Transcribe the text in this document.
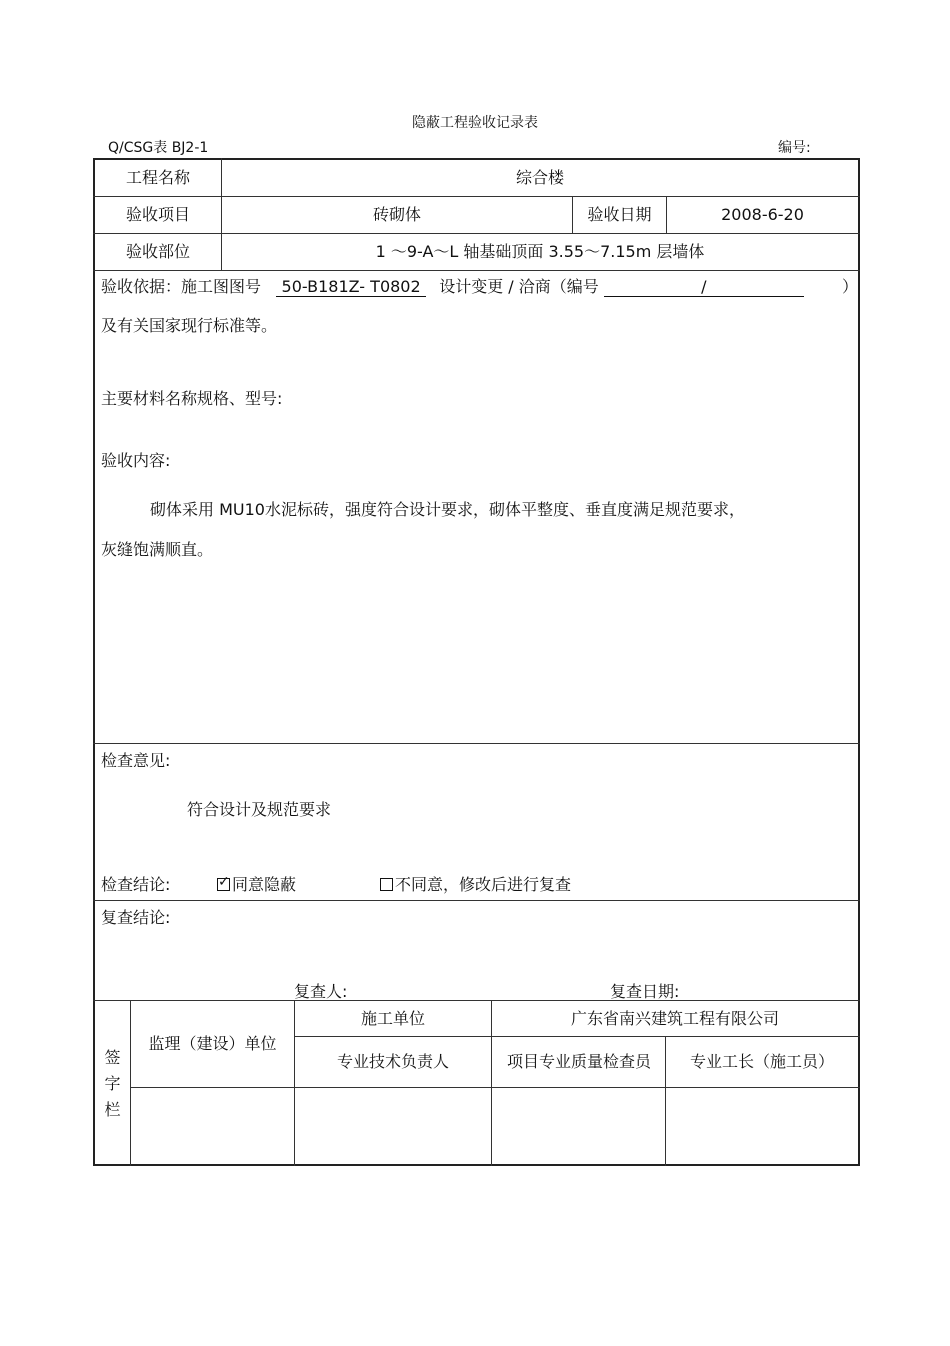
隐蔽工程验收记录表
Q/CSG表 BJ2-1	编号:
工程名称	综合楼
验收项目	砖砌体	验收日期	2008-6-20
验收部位	1 ～9-A～L 轴基础顶面 3.55～7.15m 层墙体
验收依据：施工图图号 50-B181Z- T0802 设计变更 / 洽商（编号	/	）
及有关国家现行标准等。
主要材料名称规格、型号:
验收内容:
砌体采用 MU10水泥标砖，强度符合设计要求，砌体平整度、垂直度满足规范要求，
灰缝饱满顺直。
检查意见:
符合设计及规范要求
检查结论:
✓	同意隐蔽	不同意，修改后进行复查
复查结论:
复查人:	复查日期:
签
字
栏
监理（建设）单位
施工单位	广东省南兴建筑工程有限公司
专业技术负责人	项目专业质量检查员	专业工长（施工员）
